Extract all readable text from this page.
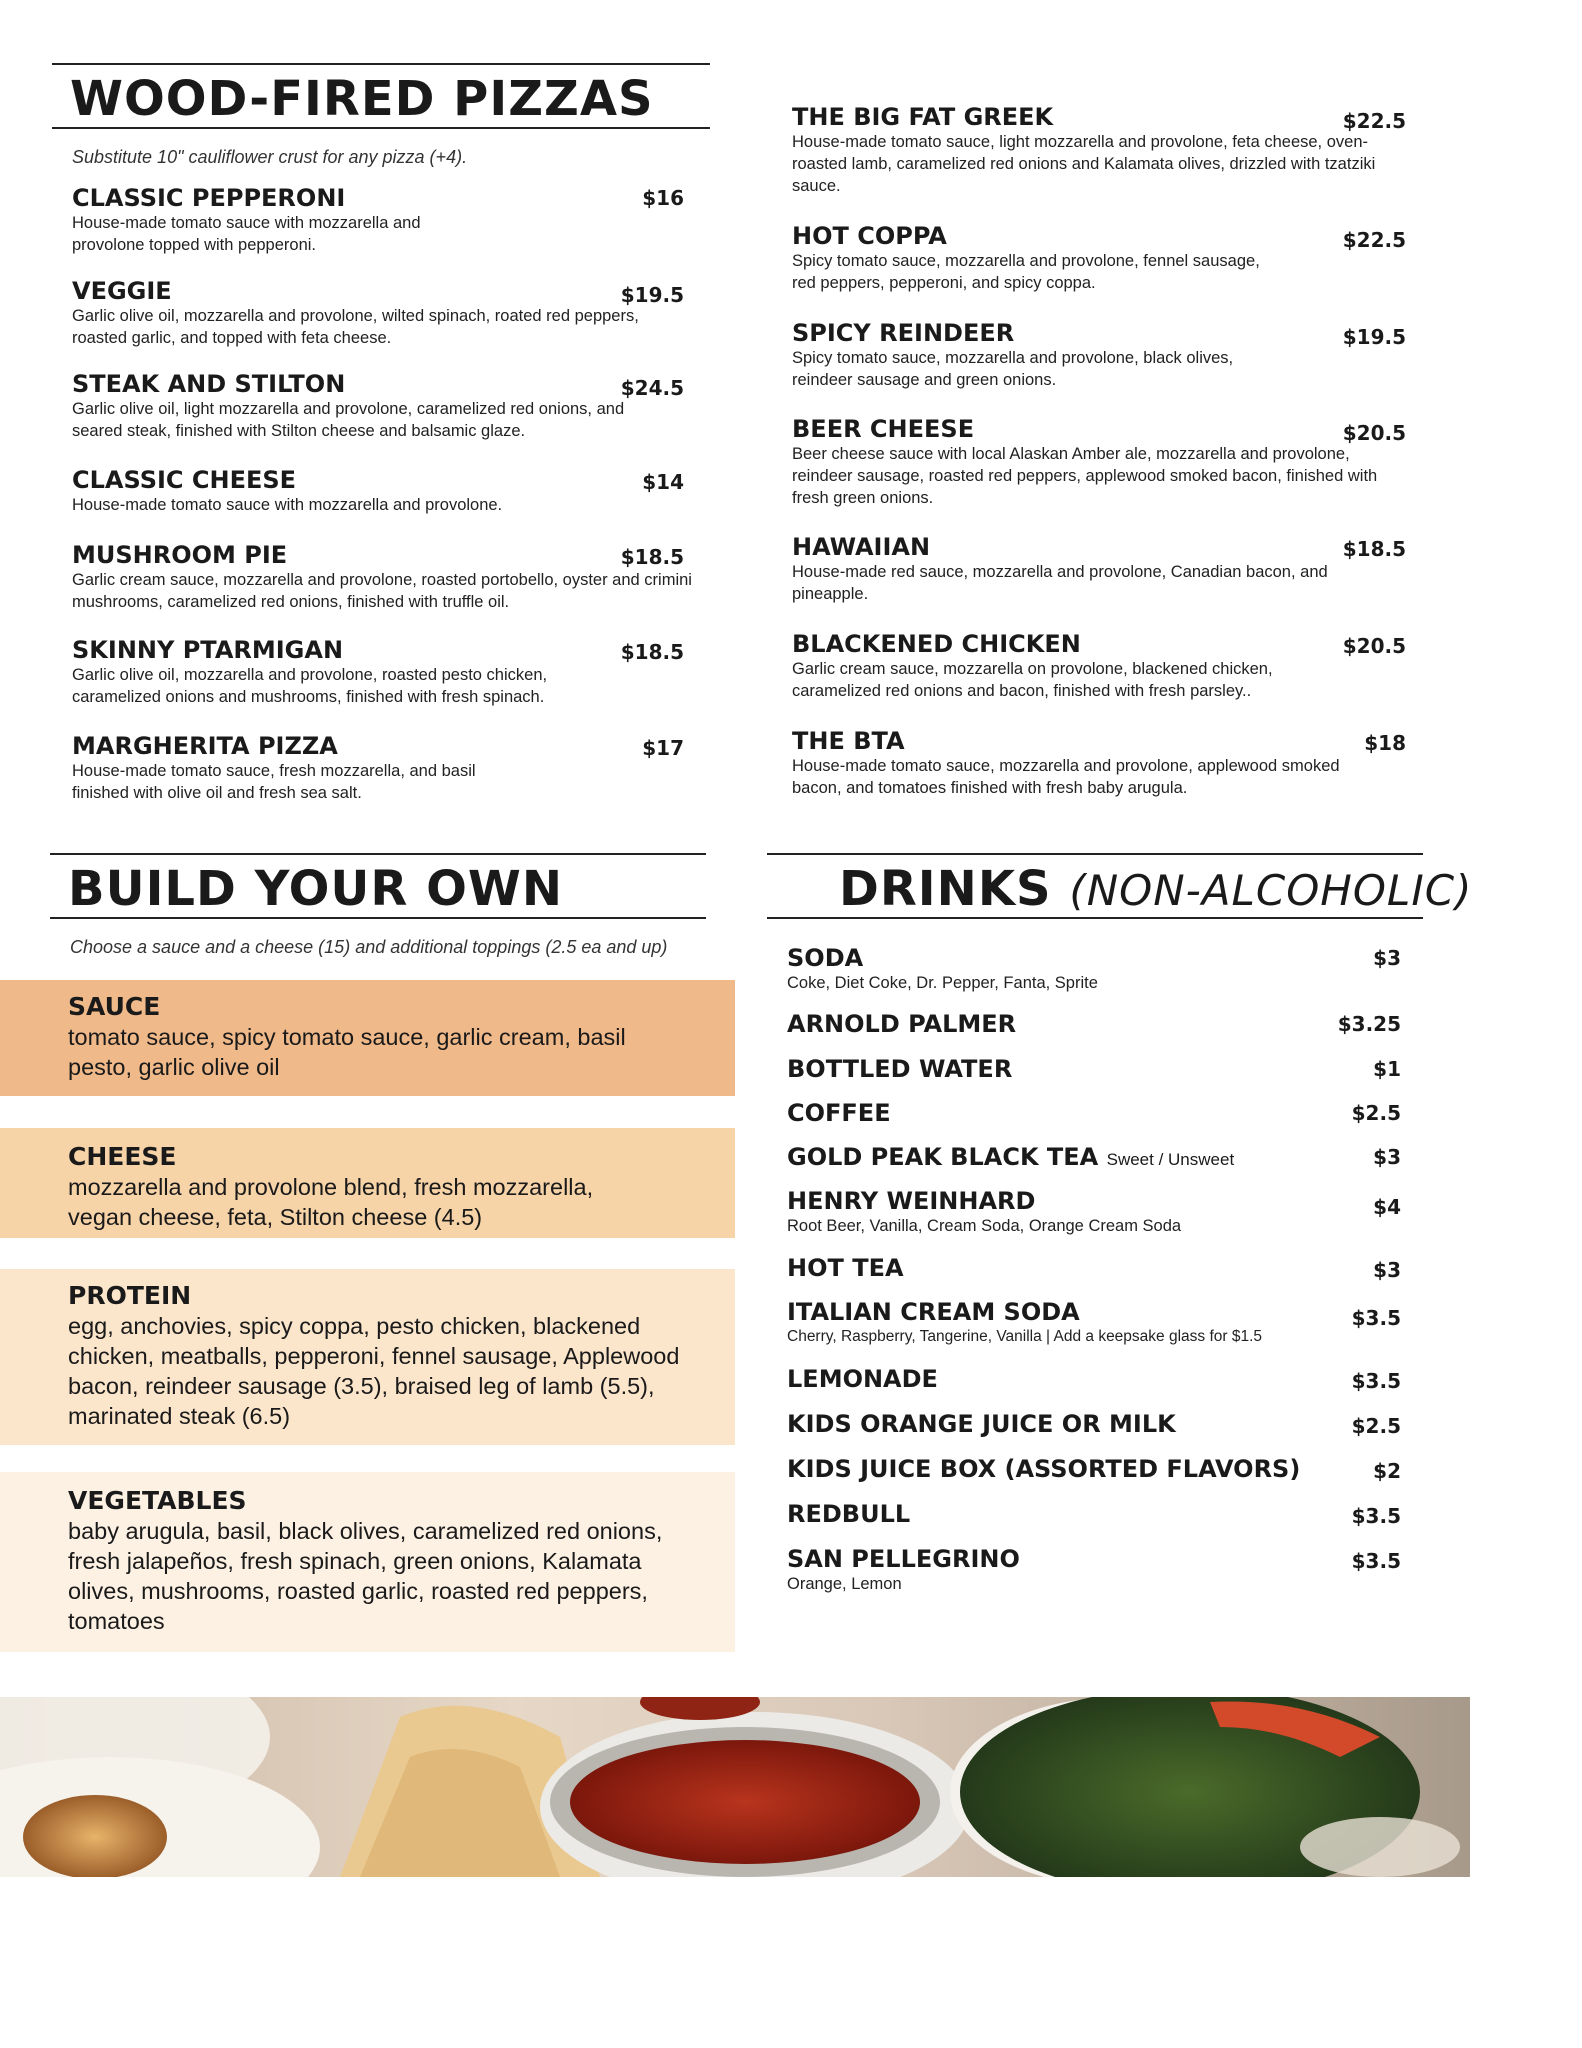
WOOD-FIRED PIZZAS
Substitute 10" cauliflower crust for any pizza (+4).
CLASSIC PEPPERONI	$16
House-made tomato sauce with mozzarella and provolone topped with pepperoni.
VEGGIE	$19.5
Garlic olive oil, mozzarella and provolone, wilted spinach, roated red peppers, roasted garlic, and topped with feta cheese.
STEAK AND STILTON	$24.5
Garlic olive oil, light mozzarella and provolone, caramelized red onions, and seared steak, finished with Stilton cheese and balsamic glaze.
CLASSIC CHEESE	$14
House-made tomato sauce with mozzarella and provolone.
MUSHROOM PIE	$18.5
Garlic cream sauce, mozzarella and provolone, roasted portobello, oyster and crimini mushrooms, caramelized red onions, finished with truffle oil.
SKINNY PTARMIGAN	$18.5
Garlic olive oil, mozzarella and provolone, roasted pesto chicken, caramelized onions and mushrooms, finished with fresh spinach.
MARGHERITA PIZZA	$17
House-made tomato sauce, fresh mozzarella, and basil finished with olive oil and fresh sea salt.
THE BIG FAT GREEK	$22.5
House-made tomato sauce, light mozzarella and provolone, feta cheese, oven-roasted lamb, caramelized red onions and Kalamata olives, drizzled with tzatziki sauce.
HOT COPPA	$22.5
Spicy tomato sauce, mozzarella and provolone, fennel sausage, red peppers, pepperoni, and spicy coppa.
SPICY REINDEER	$19.5
Spicy tomato sauce, mozzarella and provolone, black olives, reindeer sausage and green onions.
BEER CHEESE	$20.5
Beer cheese sauce with local Alaskan Amber ale, mozzarella and provolone, reindeer sausage, roasted red peppers, applewood smoked bacon, finished with fresh green onions.
HAWAIIAN	$18.5
House-made red sauce, mozzarella and provolone, Canadian bacon, and pineapple.
BLACKENED CHICKEN	$20.5
Garlic cream sauce, mozzarella on provolone, blackened chicken, caramelized red onions and bacon, finished with fresh parsley..
THE BTA	$18
House-made tomato sauce, mozzarella and provolone, applewood smoked bacon, and tomatoes finished with fresh baby arugula.
BUILD YOUR OWN
Choose a sauce and a cheese (15) and additional toppings (2.5 ea and up)
SAUCE
tomato sauce, spicy tomato sauce, garlic cream, basil pesto, garlic olive oil
CHEESE
mozzarella and provolone blend, fresh mozzarella, vegan cheese, feta, Stilton cheese (4.5)
PROTEIN
egg, anchovies, spicy coppa, pesto chicken, blackened chicken, meatballs, pepperoni, fennel sausage, Applewood bacon, reindeer sausage (3.5), braised leg of lamb (5.5), marinated steak (6.5)
VEGETABLES
baby arugula, basil, black olives, caramelized red onions, fresh jalapeños, fresh spinach, green onions, Kalamata olives, mushrooms, roasted garlic, roasted red peppers, tomatoes
DRINKS (NON-ALCOHOLIC)
SODA	$3
Coke, Diet Coke, Dr. Pepper, Fanta, Sprite
ARNOLD PALMER	$3.25
BOTTLED WATER	$1
COFFEE	$2.5
GOLD PEAK BLACK TEA Sweet / Unsweet	$3
HENRY WEINHARD	$4
Root Beer, Vanilla, Cream Soda, Orange Cream Soda
HOT TEA	$3
ITALIAN CREAM SODA	$3.5
Cherry, Raspberry, Tangerine, Vanilla | Add a keepsake glass for $1.5
LEMONADE	$3.5
KIDS ORANGE JUICE OR MILK	$2.5
KIDS JUICE BOX (ASSORTED FLAVORS)	$2
REDBULL	$3.5
SAN PELLEGRINO	$3.5
Orange, Lemon
